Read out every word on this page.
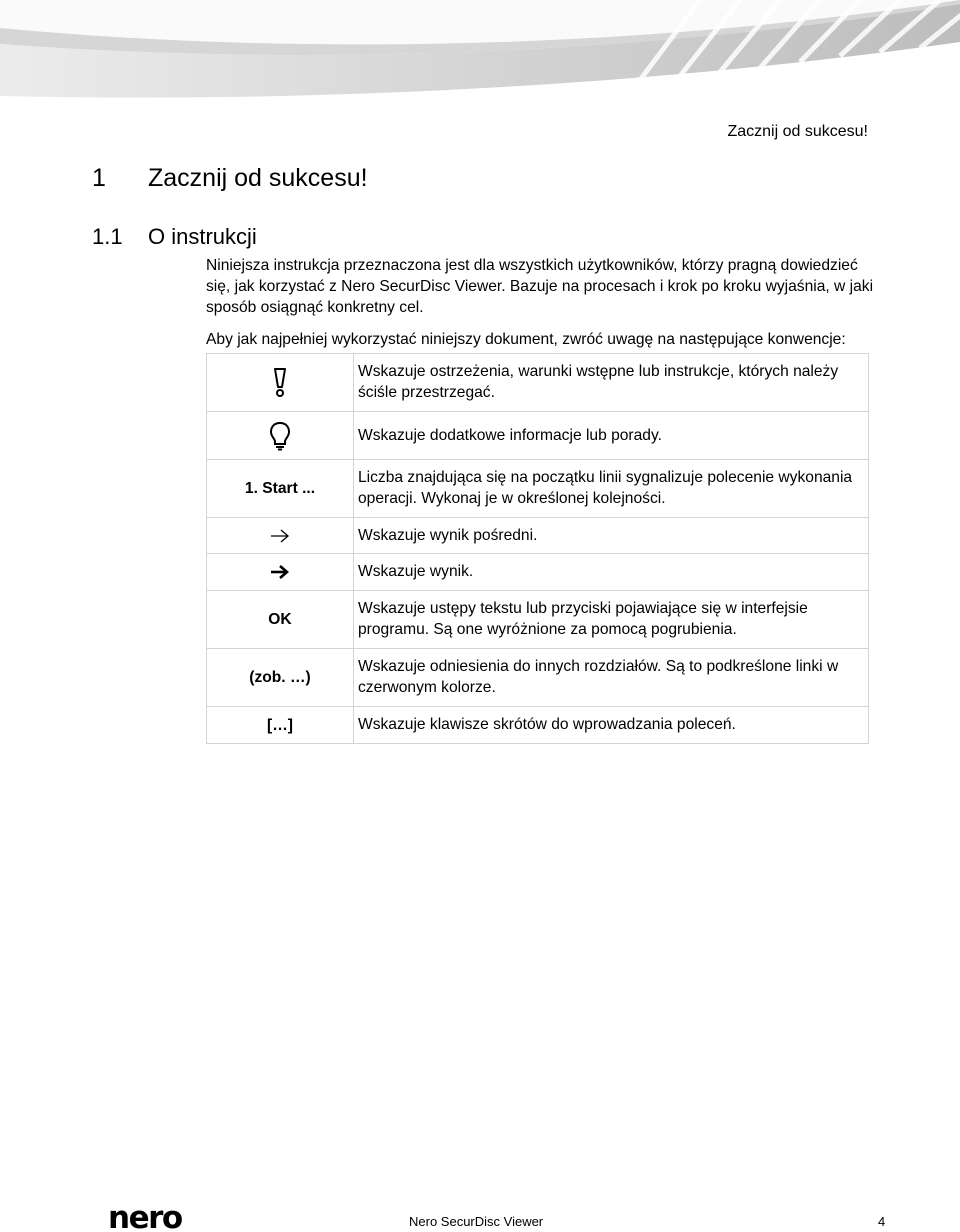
Zacznij od sukcesu!
1 Zacznij od sukcesu!
1.1 O instrukcji

Niniejsza instrukcja przeznaczona jest dla wszystkich użytkowników, którzy pragną dowiedzieć się, jak korzystać z Nero SecurDisc Viewer. Bazuje na procesach i krok po kroku wyjaśnia, w jaki sposób osiągnąć konkretny cel.

Aby jak najpełniej wykorzystać niniejszy dokument, zwróć uwagę na następujące konwencje:

	Wskazuje ostrzeżenia, warunki wstępne lub instrukcje, których należy ściśle przestrzegać.

	Wskazuje dodatkowe informacje lub porady.
1. Start ...	Liczba znajdująca się na początku linii sygnalizuje polecenie wykonania operacji. Wykonaj je w określonej kolejności.

	Wskazuje wynik pośredni.

	Wskazuje wynik.
OK	Wskazuje ustępy tekstu lub przyciski pojawiające się w interfejsie programu. Są one wyróżnione za pomocą pogrubienia.
(zob. …)	Wskazuje odniesienia do innych rozdziałów. Są to podkreślone linki w czerwonym kolorze.
[…]	Wskazuje klawisze skrótów do wprowadzania poleceń.
nero	Nero SecurDisc Viewer	4
